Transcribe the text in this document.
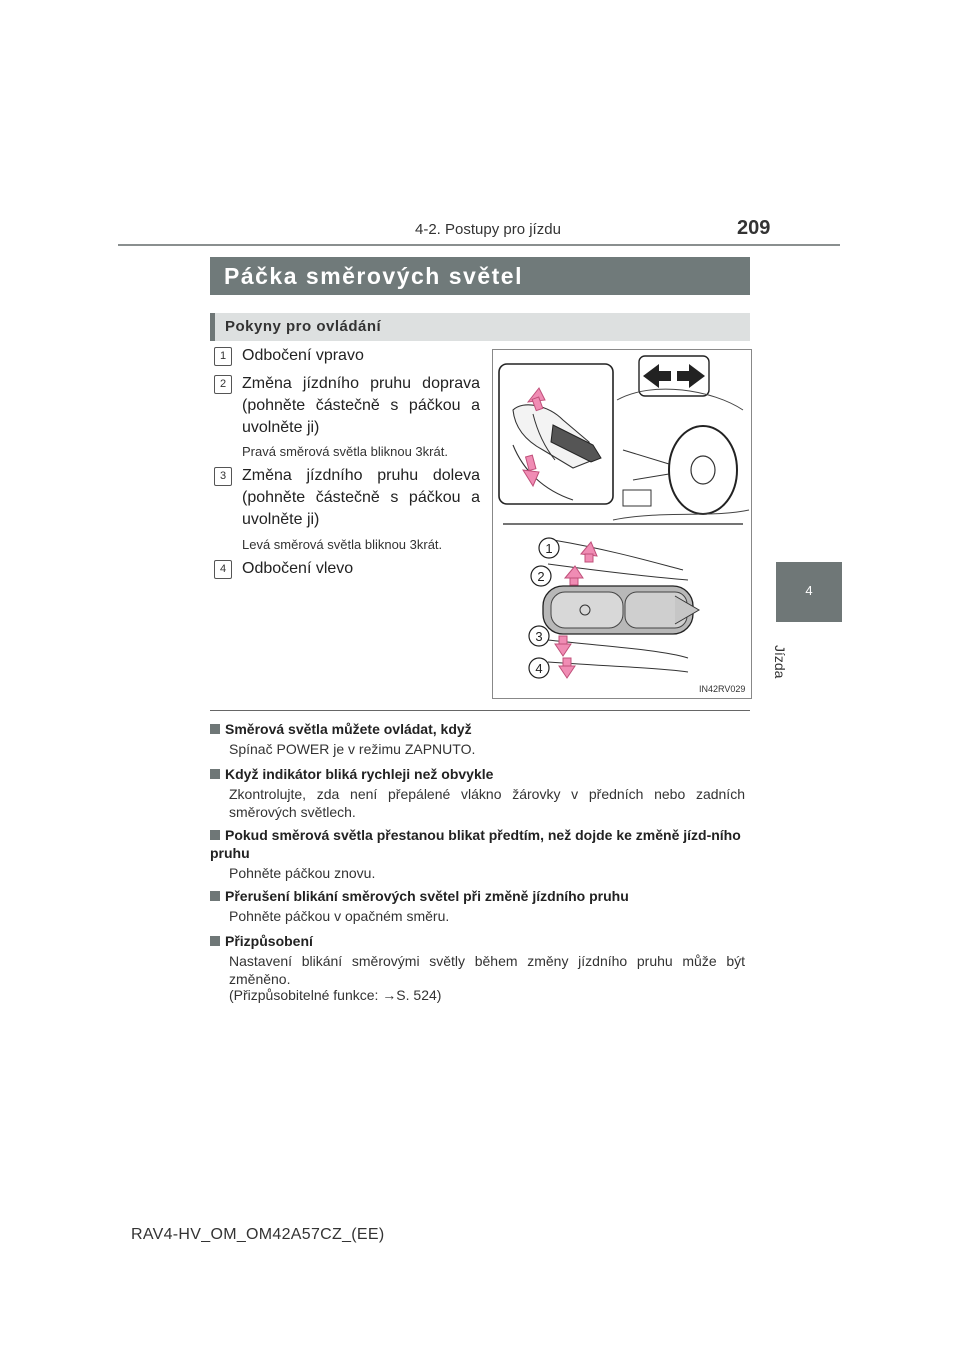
4-2. Postupy pro jízdu	209
4
Jízda
Páčka směrových světel
Pokyny pro ovládání
1 Odbočení vpravo
2 Změna jízdního pruhu doprava (pohněte částečně s páčkou a uvolněte ji)
Pravá směrová světla bliknou 3krát.
3 Změna jízdního pruhu doleva (pohněte částečně s páčkou a uvolněte ji)
Levá směrová světla bliknou 3krát.
4 Odbočení vlevo
1
2
3
4
IN42RV029
Směrová světla můžete ovládat, když
Spínač POWER je v režimu ZAPNUTO.
Když indikátor bliká rychleji než obvykle
Zkontrolujte, zda není přepálené vlákno žárovky v předních nebo zadních směrových světlech.
Pokud směrová světla přestanou blikat předtím, než dojde ke změně jízd-ního pruhu
Pohněte páčkou znovu.
Přerušení blikání směrových světel při změně jízdního pruhu
Pohněte páčkou v opačném směru.
Přizpůsobení
Nastavení blikání směrovými světly během změny jízdního pruhu může být změněno.
(Přizpůsobitelné funkce: →S. 524)
RAV4-HV_OM_OM42A57CZ_(EE)
